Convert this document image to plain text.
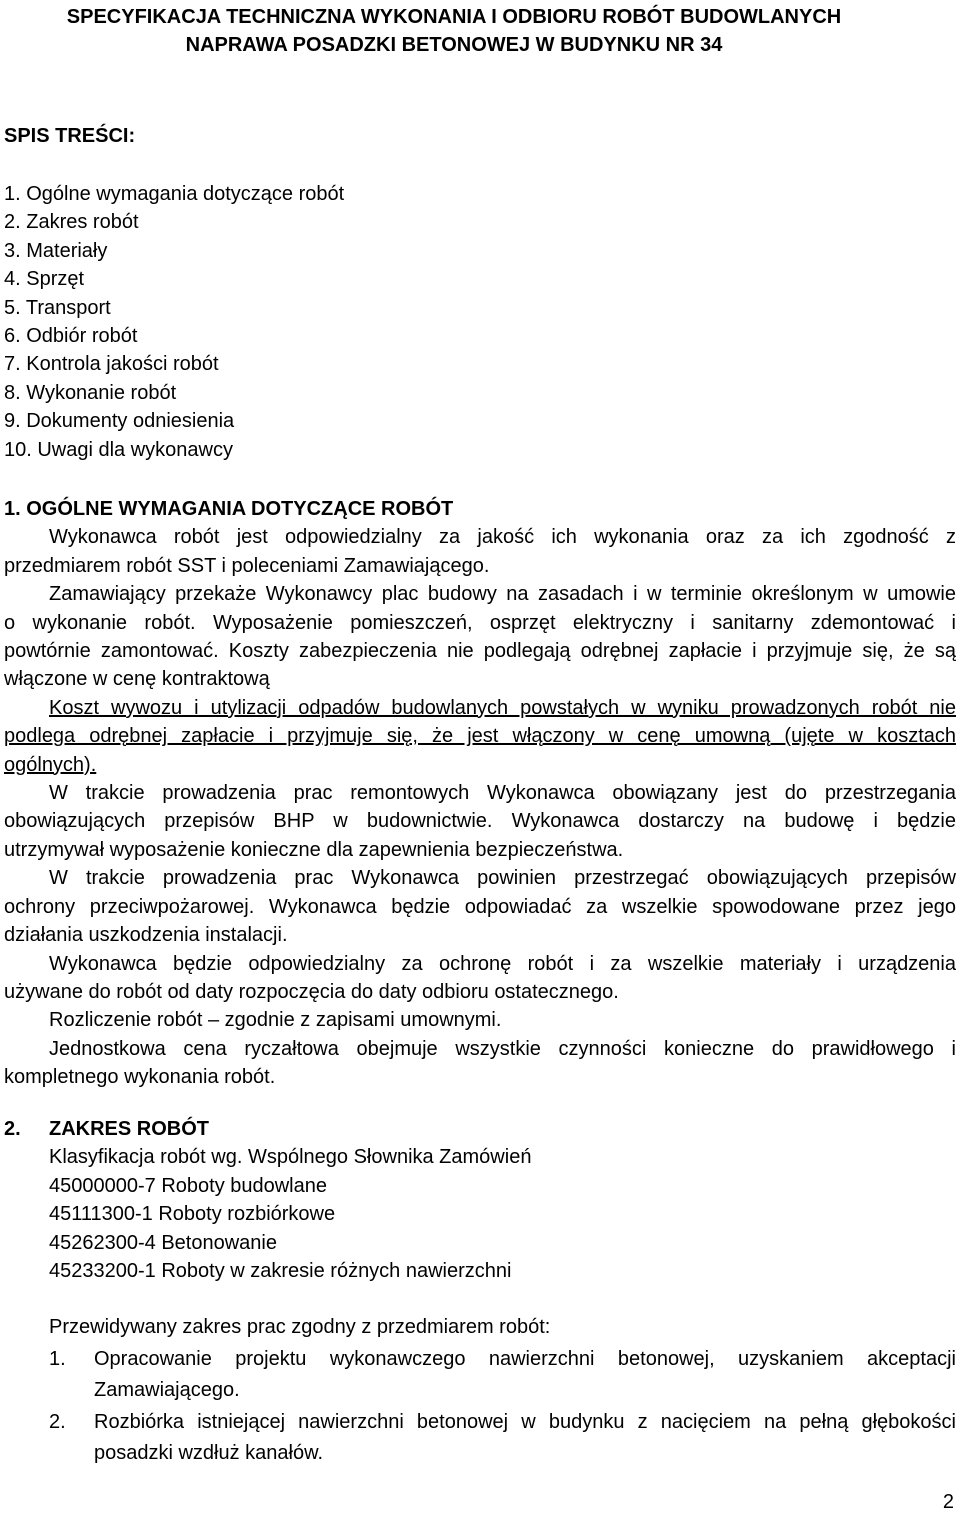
SPECYFIKACJA TECHNICZNA WYKONANIA I ODBIORU ROBÓT BUDOWLANYCH
NAPRAWA POSADZKI BETONOWEJ W BUDYNKU NR 34
SPIS TREŚCI:
1. Ogólne wymagania dotyczące robót
2. Zakres robót
3. Materiały
4. Sprzęt
5. Transport
6. Odbiór robót
7. Kontrola jakości robót
8. Wykonanie robót
9. Dokumenty odniesienia
10. Uwagi dla wykonawcy
1. OGÓLNE WYMAGANIA DOTYCZĄCE ROBÓT
Wykonawca robót jest odpowiedzialny za jakość ich wykonania oraz za ich zgodność z
przedmiarem robót SST i poleceniami Zamawiającego.
Zamawiający przekaże Wykonawcy plac budowy na zasadach i w terminie określonym w umowie
o wykonanie robót. Wyposażenie pomieszczeń, osprzęt elektryczny i sanitarny zdemontować i
powtórnie zamontować. Koszty zabezpieczenia nie podlegają odrębnej zapłacie i przyjmuje się, że są
włączone w cenę kontraktową
Koszt wywozu i utylizacji odpadów budowlanych powstałych w wyniku prowadzonych robót nie
podlega odrębnej zapłacie i przyjmuje się, że jest włączony w cenę umowną (ujęte w kosztach
ogólnych).
W trakcie prowadzenia prac remontowych Wykonawca obowiązany jest do przestrzegania
obowiązujących przepisów BHP w budownictwie. Wykonawca dostarczy na budowę i będzie
utrzymywał wyposażenie konieczne dla zapewnienia bezpieczeństwa.
W trakcie prowadzenia prac Wykonawca powinien przestrzegać obowiązujących przepisów
ochrony przeciwpożarowej. Wykonawca będzie odpowiadać za wszelkie spowodowane przez jego
działania uszkodzenia instalacji.
Wykonawca będzie odpowiedzialny za ochronę robót i za wszelkie materiały i urządzenia
używane do robót od daty rozpoczęcia do daty odbioru ostatecznego.
Rozliczenie robót – zgodnie z zapisami umownymi.
Jednostkowa cena ryczałtowa obejmuje wszystkie czynności konieczne do prawidłowego i
kompletnego wykonania robót.
2.	ZAKRES ROBÓT
Klasyfikacja robót wg. Wspólnego Słownika Zamówień
45000000-7 Roboty budowlane
45111300-1 Roboty rozbiórkowe
45262300-4 Betonowanie
45233200-1 Roboty w zakresie różnych nawierzchni
Przewidywany zakres prac zgodny z przedmiarem robót:
1.	Opracowanie projektu wykonawczego nawierzchni betonowej, uzyskaniem akceptacji
Zamawiającego.
2.	Rozbiórka istniejącej nawierzchni betonowej w budynku z nacięciem na pełną głębokości
posadzki wzdłuż kanałów.
2
